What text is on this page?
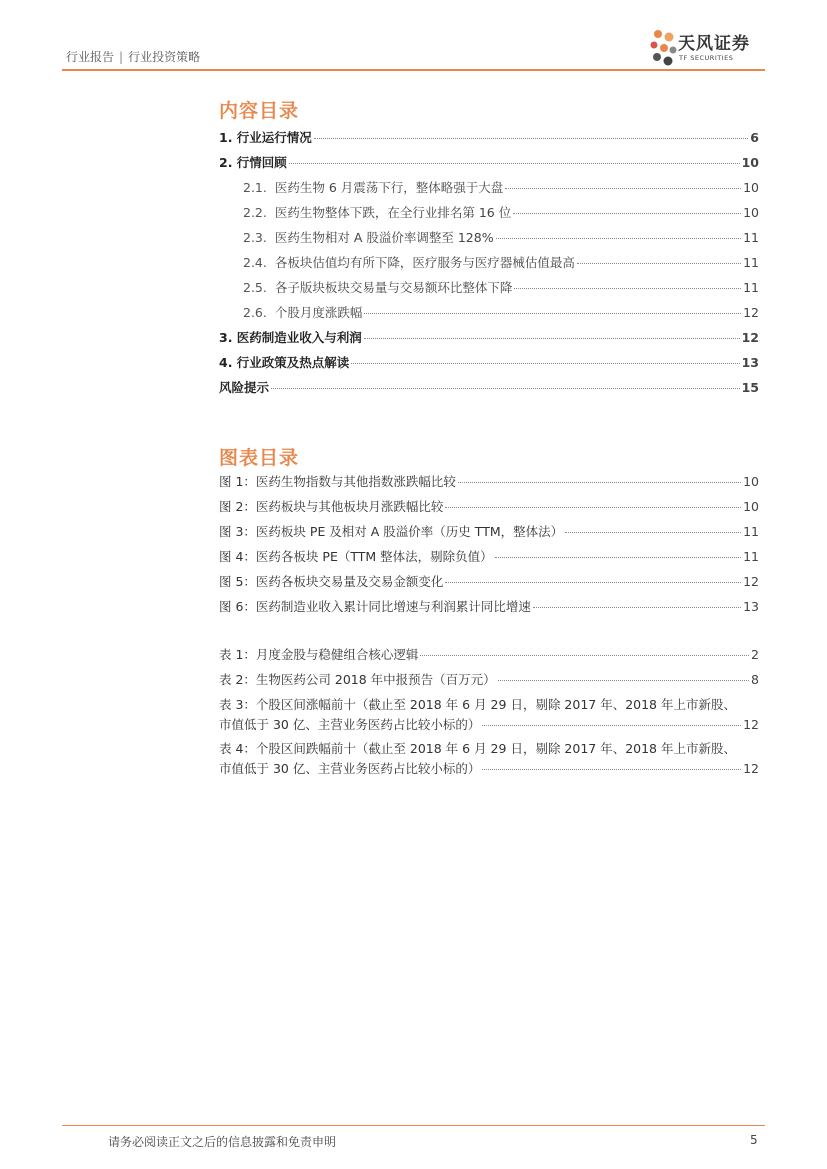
行业报告 | 行业投资策略
天风证券
TF SECURITIES
内容目录
1. 行业运行情况	6
2. 行情回顾	10
2.1. 医药生物 6 月震荡下行，整体略强于大盘	10
2.2. 医药生物整体下跌，在全行业排名第 16 位	10
2.3. 医药生物相对 A 股溢价率调整至 128%	11
2.4. 各板块估值均有所下降，医疗服务与医疗器械估值最高	11
2.5. 各子版块板块交易量与交易额环比整体下降	11
2.6. 个股月度涨跌幅	12
3. 医药制造业收入与利润	12
4. 行业政策及热点解读	13
风险提示	15
图表目录
图 1：医药生物指数与其他指数涨跌幅比较	10
图 2：医药板块与其他板块月涨跌幅比较	10
图 3：医药板块 PE 及相对 A 股溢价率（历史 TTM，整体法）	11
图 4：医药各板块 PE（TTM 整体法，剔除负值）	11
图 5：医药各板块交易量及交易金额变化	12
图 6：医药制造业收入累计同比增速与利润累计同比增速	13
表 1：月度金股与稳健组合核心逻辑	2
表 2：生物医药公司 2018 年中报预告（百万元）	8
表 3：个股区间涨幅前十（截止至 2018 年 6 月 29 日，剔除 2017 年、2018 年上市新股、
市值低于 30 亿、主营业务医药占比较小标的）	12
表 4：个股区间跌幅前十（截止至 2018 年 6 月 29 日，剔除 2017 年、2018 年上市新股、
市值低于 30 亿、主营业务医药占比较小标的）	12
请务必阅读正文之后的信息披露和免责申明	5
